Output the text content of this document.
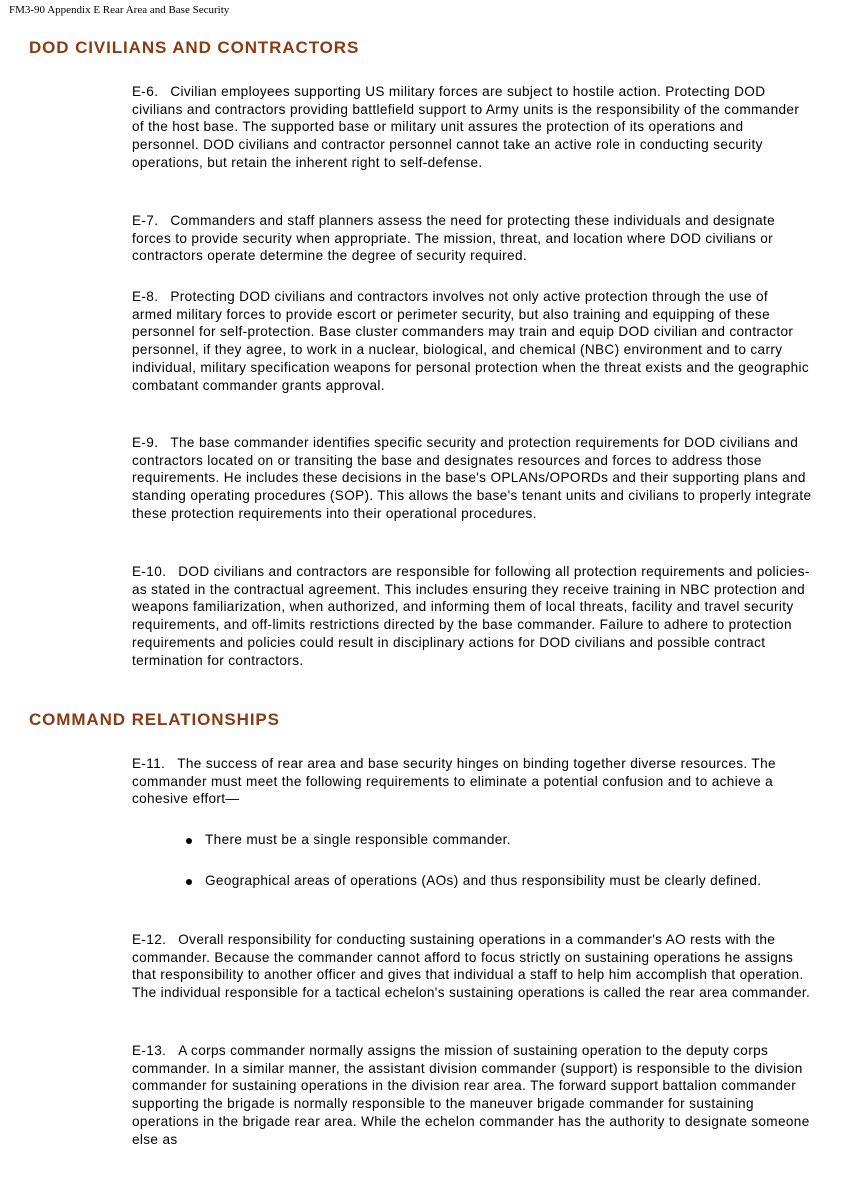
FM3-90 Appendix E Rear Area and Base Security
DOD CIVILIANS AND CONTRACTORS

E-6. Civilian employees supporting US military forces are subject to hostile action. Protecting DOD civilians and contractors providing battlefield support to Army units is the responsibility of the commander of the host base. The supported base or military unit assures the protection of its operations and personnel. DOD civilians and contractor personnel cannot take an active role in conducting security operations, but retain the inherent right to self-defense.

E-7. Commanders and staff planners assess the need for protecting these individuals and designate forces to provide security when appropriate. The mission, threat, and location where DOD civilians or contractors operate determine the degree of security required.

E-8. Protecting DOD civilians and contractors involves not only active protection through the use of armed military forces to provide escort or perimeter security, but also training and equipping of these personnel for self-protection. Base cluster commanders may train and equip DOD civilian and contractor personnel, if they agree, to work in a nuclear, biological, and chemical (NBC) environment and to carry individual, military specification weapons for personal protection when the threat exists and the geographic combatant commander grants approval.

E-9. The base commander identifies specific security and protection requirements for DOD civilians and contractors located on or transiting the base and designates resources and forces to address those requirements. He includes these decisions in the base's OPLANs/OPORDs and their supporting plans and standing operating procedures (SOP). This allows the base's tenant units and civilians to properly integrate these protection requirements into their operational procedures.

E-10. DOD civilians and contractors are responsible for following all protection requirements and policies-as stated in the contractual agreement. This includes ensuring they receive training in NBC protection and weapons familiarization, when authorized, and informing them of local threats, facility and travel security requirements, and off-limits restrictions directed by the base commander. Failure to adhere to protection requirements and policies could result in disciplinary actions for DOD civilians and possible contract termination for contractors.

COMMAND RELATIONSHIPS

E-11. The success of rear area and base security hinges on binding together diverse resources. The commander must meet the following requirements to eliminate a potential confusion and to achieve a cohesive effort—

There must be a single responsible commander.
Geographical areas of operations (AOs) and thus responsibility must be clearly defined.

E-12. Overall responsibility for conducting sustaining operations in a commander's AO rests with the commander. Because the commander cannot afford to focus strictly on sustaining operations he assigns that responsibility to another officer and gives that individual a staff to help him accomplish that operation. The individual responsible for a tactical echelon's sustaining operations is called the rear area commander.

E-13. A corps commander normally assigns the mission of sustaining operation to the deputy corps commander. In a similar manner, the assistant division commander (support) is responsible to the division commander for sustaining operations in the division rear area. The forward support battalion commander supporting the brigade is normally responsible to the maneuver brigade commander for sustaining operations in the brigade rear area. While the echelon commander has the authority to designate someone else as
